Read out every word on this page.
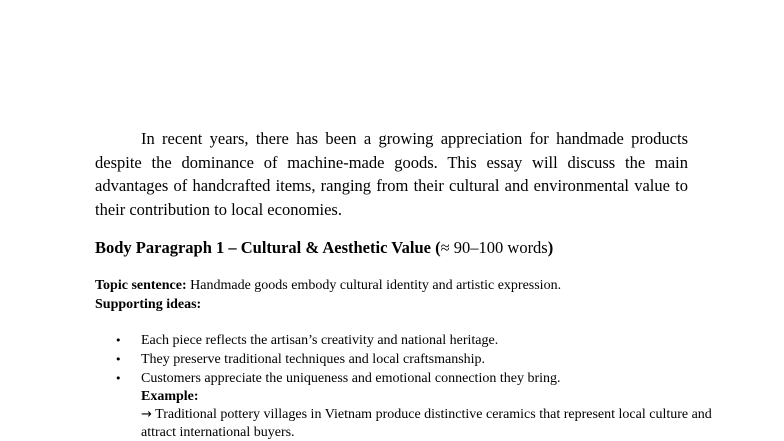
In recent years, there has been a growing appreciation for handmade products despite the dominance of machine-made goods. This essay will discuss the main advantages of handcrafted items, ranging from their cultural and environmental value to their contribution to local economies.

Body Paragraph 1 – Cultural & Aesthetic Value (≈ 90–100 words)

Topic sentence: Handmade goods embody cultural identity and artistic expression.

Supporting ideas:

• Each piece reflects the artisan’s creativity and national heritage.
• They preserve traditional techniques and local craftsmanship.
• Customers appreciate the uniqueness and emotional connection they bring.
Example:
→ Traditional pottery villages in Vietnam produce distinctive ceramics that represent local culture and attract international buyers.
